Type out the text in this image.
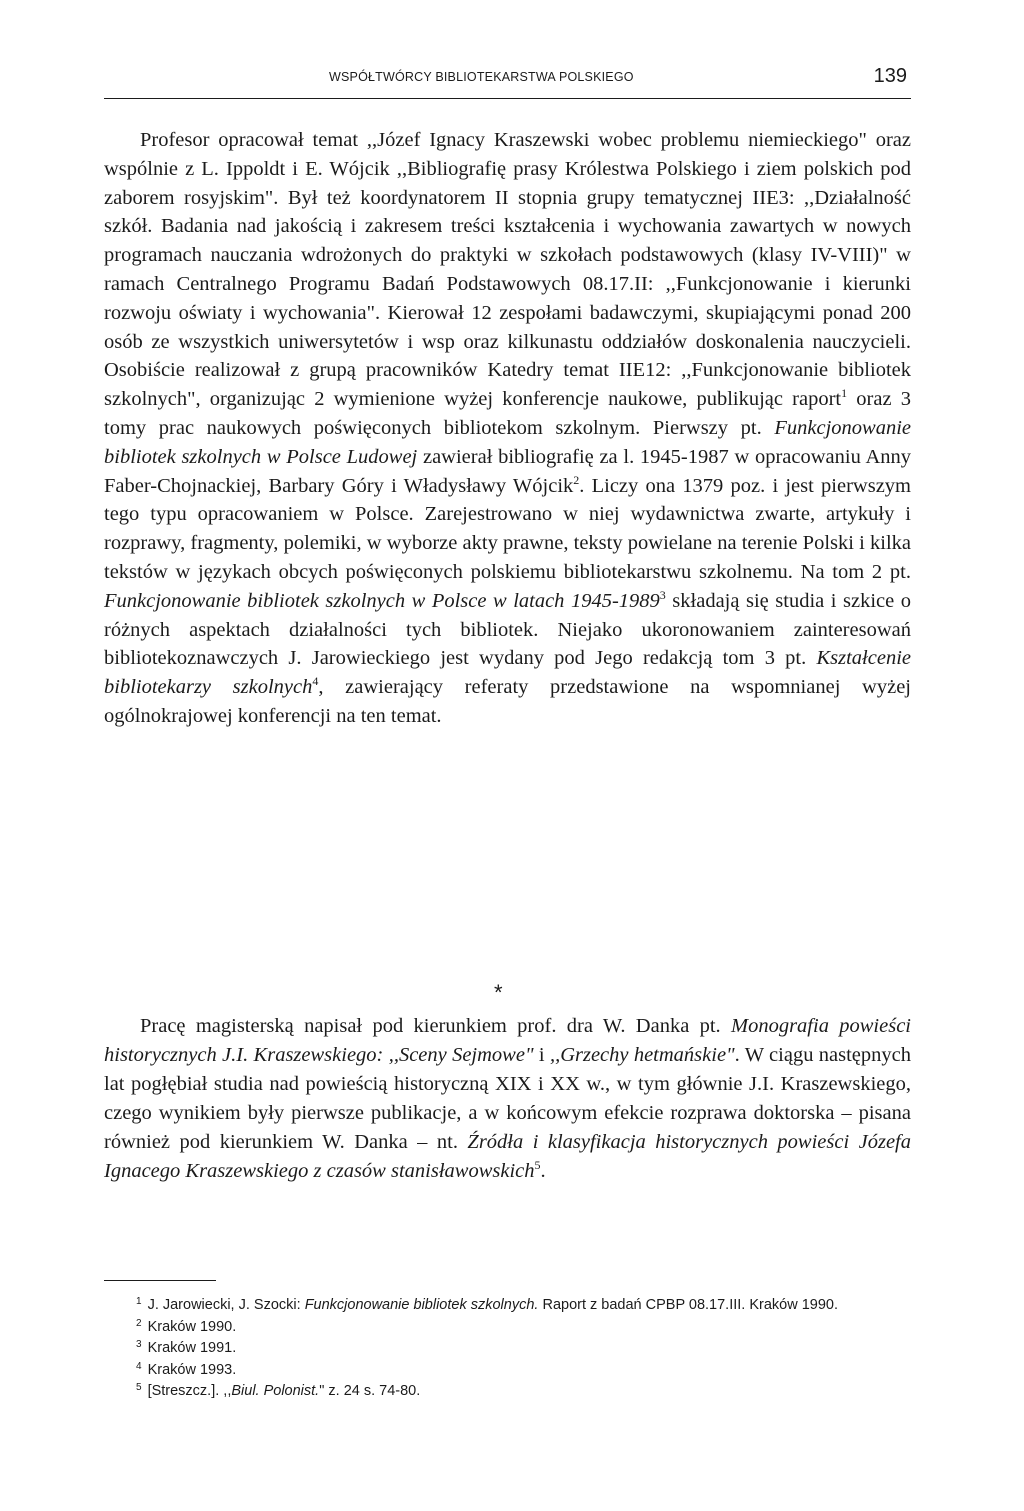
WSPÓŁTWÓRCY BIBLIOTEKARSTWA POLSKIEGO	139

Profesor opracował temat ,,Józef Ignacy Kraszewski wobec problemu niemieckiego" oraz wspólnie z L. Ippoldt i E. Wójcik ,,Bibliografię prasy Królestwa Polskiego i ziem polskich pod zaborem rosyjskim". Był też koordynatorem II stopnia grupy tematycznej IIE3: ,,Działalność szkół. Badania nad jakością i zakresem treści kształcenia i wychowania zawartych w nowych programach nauczania wdrożonych do praktyki w szkołach podstawowych (klasy IV-VIII)" w ramach Centralnego Programu Badań Podstawowych 08.17.II: ,,Funkcjonowanie i kierunki rozwoju oświaty i wychowania". Kierował 12 zespołami badawczymi, skupiającymi ponad 200 osób ze wszystkich uniwersytetów i wsp oraz kilkunastu oddziałów doskonalenia nauczycieli. Osobiście realizował z grupą pracowników Katedry temat IIE12: ,,Funkcjonowanie bibliotek szkolnych", organizując 2 wymienione wyżej konferencje naukowe, publikując raport$^1$ oraz 3 tomy prac naukowych poświęconych bibliotekom szkolnym. Pierwszy pt. Funkcjonowanie bibliotek szkolnych w Polsce Ludowej zawierał bibliografię za l. 1945-1987 w opracowaniu Anny Faber-Chojnackiej, Barbary Góry i Władysławy Wójcik$^2$. Liczy ona 1379 poz. i jest pierwszym tego typu opracowaniem w Polsce. Zarejestrowano w niej wydawnictwa zwarte, artykuły i rozprawy, fragmenty, polemiki, w wyborze akty prawne, teksty powielane na terenie Polski i kilka tekstów w językach obcych poświęconych polskiemu bibliotekarstwu szkolnemu. Na tom 2 pt. Funkcjonowanie bibliotek szkolnych w Polsce w latach 1945-1989$^3$ składają się studia i szkice o różnych aspektach działalności tych bibliotek. Niejako ukoronowaniem zainteresowań bibliotekoznawczych J. Jarowieckiego jest wydany pod Jego redakcją tom 3 pt. Kształcenie bibliotekarzy szkolnych$^4$, zawierający referaty przedstawione na wspomnianej wyżej ogólnokrajowej konferencji na ten temat.

*

Pracę magisterską napisał pod kierunkiem prof. dra W. Danka pt. Monografia powieści historycznych J.I. Kraszewskiego: ,,Sceny Sejmowe" i ,,Grzechy hetmańskie". W ciągu następnych lat pogłębiał studia nad powieścią historyczną XIX i XX w., w tym głównie J.I. Kraszewskiego, czego wynikiem były pierwsze publikacje, a w końcowym efekcie rozprawa doktorska – pisana również pod kierunkiem W. Danka – nt. Źródła i klasyfikacja historycznych powieści Józefa Ignacego Kraszewskiego z czasów stanisławowskich$^5$.

$^1$ J. Jarowiecki, J. Szocki: Funkcjonowanie bibliotek szkolnych. Raport z badań CPBP 08.17.III. Kraków 1990.

$^2$ Kraków 1990.

$^3$ Kraków 1991.

$^4$ Kraków 1993.

$^5$ [Streszcz.]. ,,Biul. Polonist." z. 24 s. 74-80.
